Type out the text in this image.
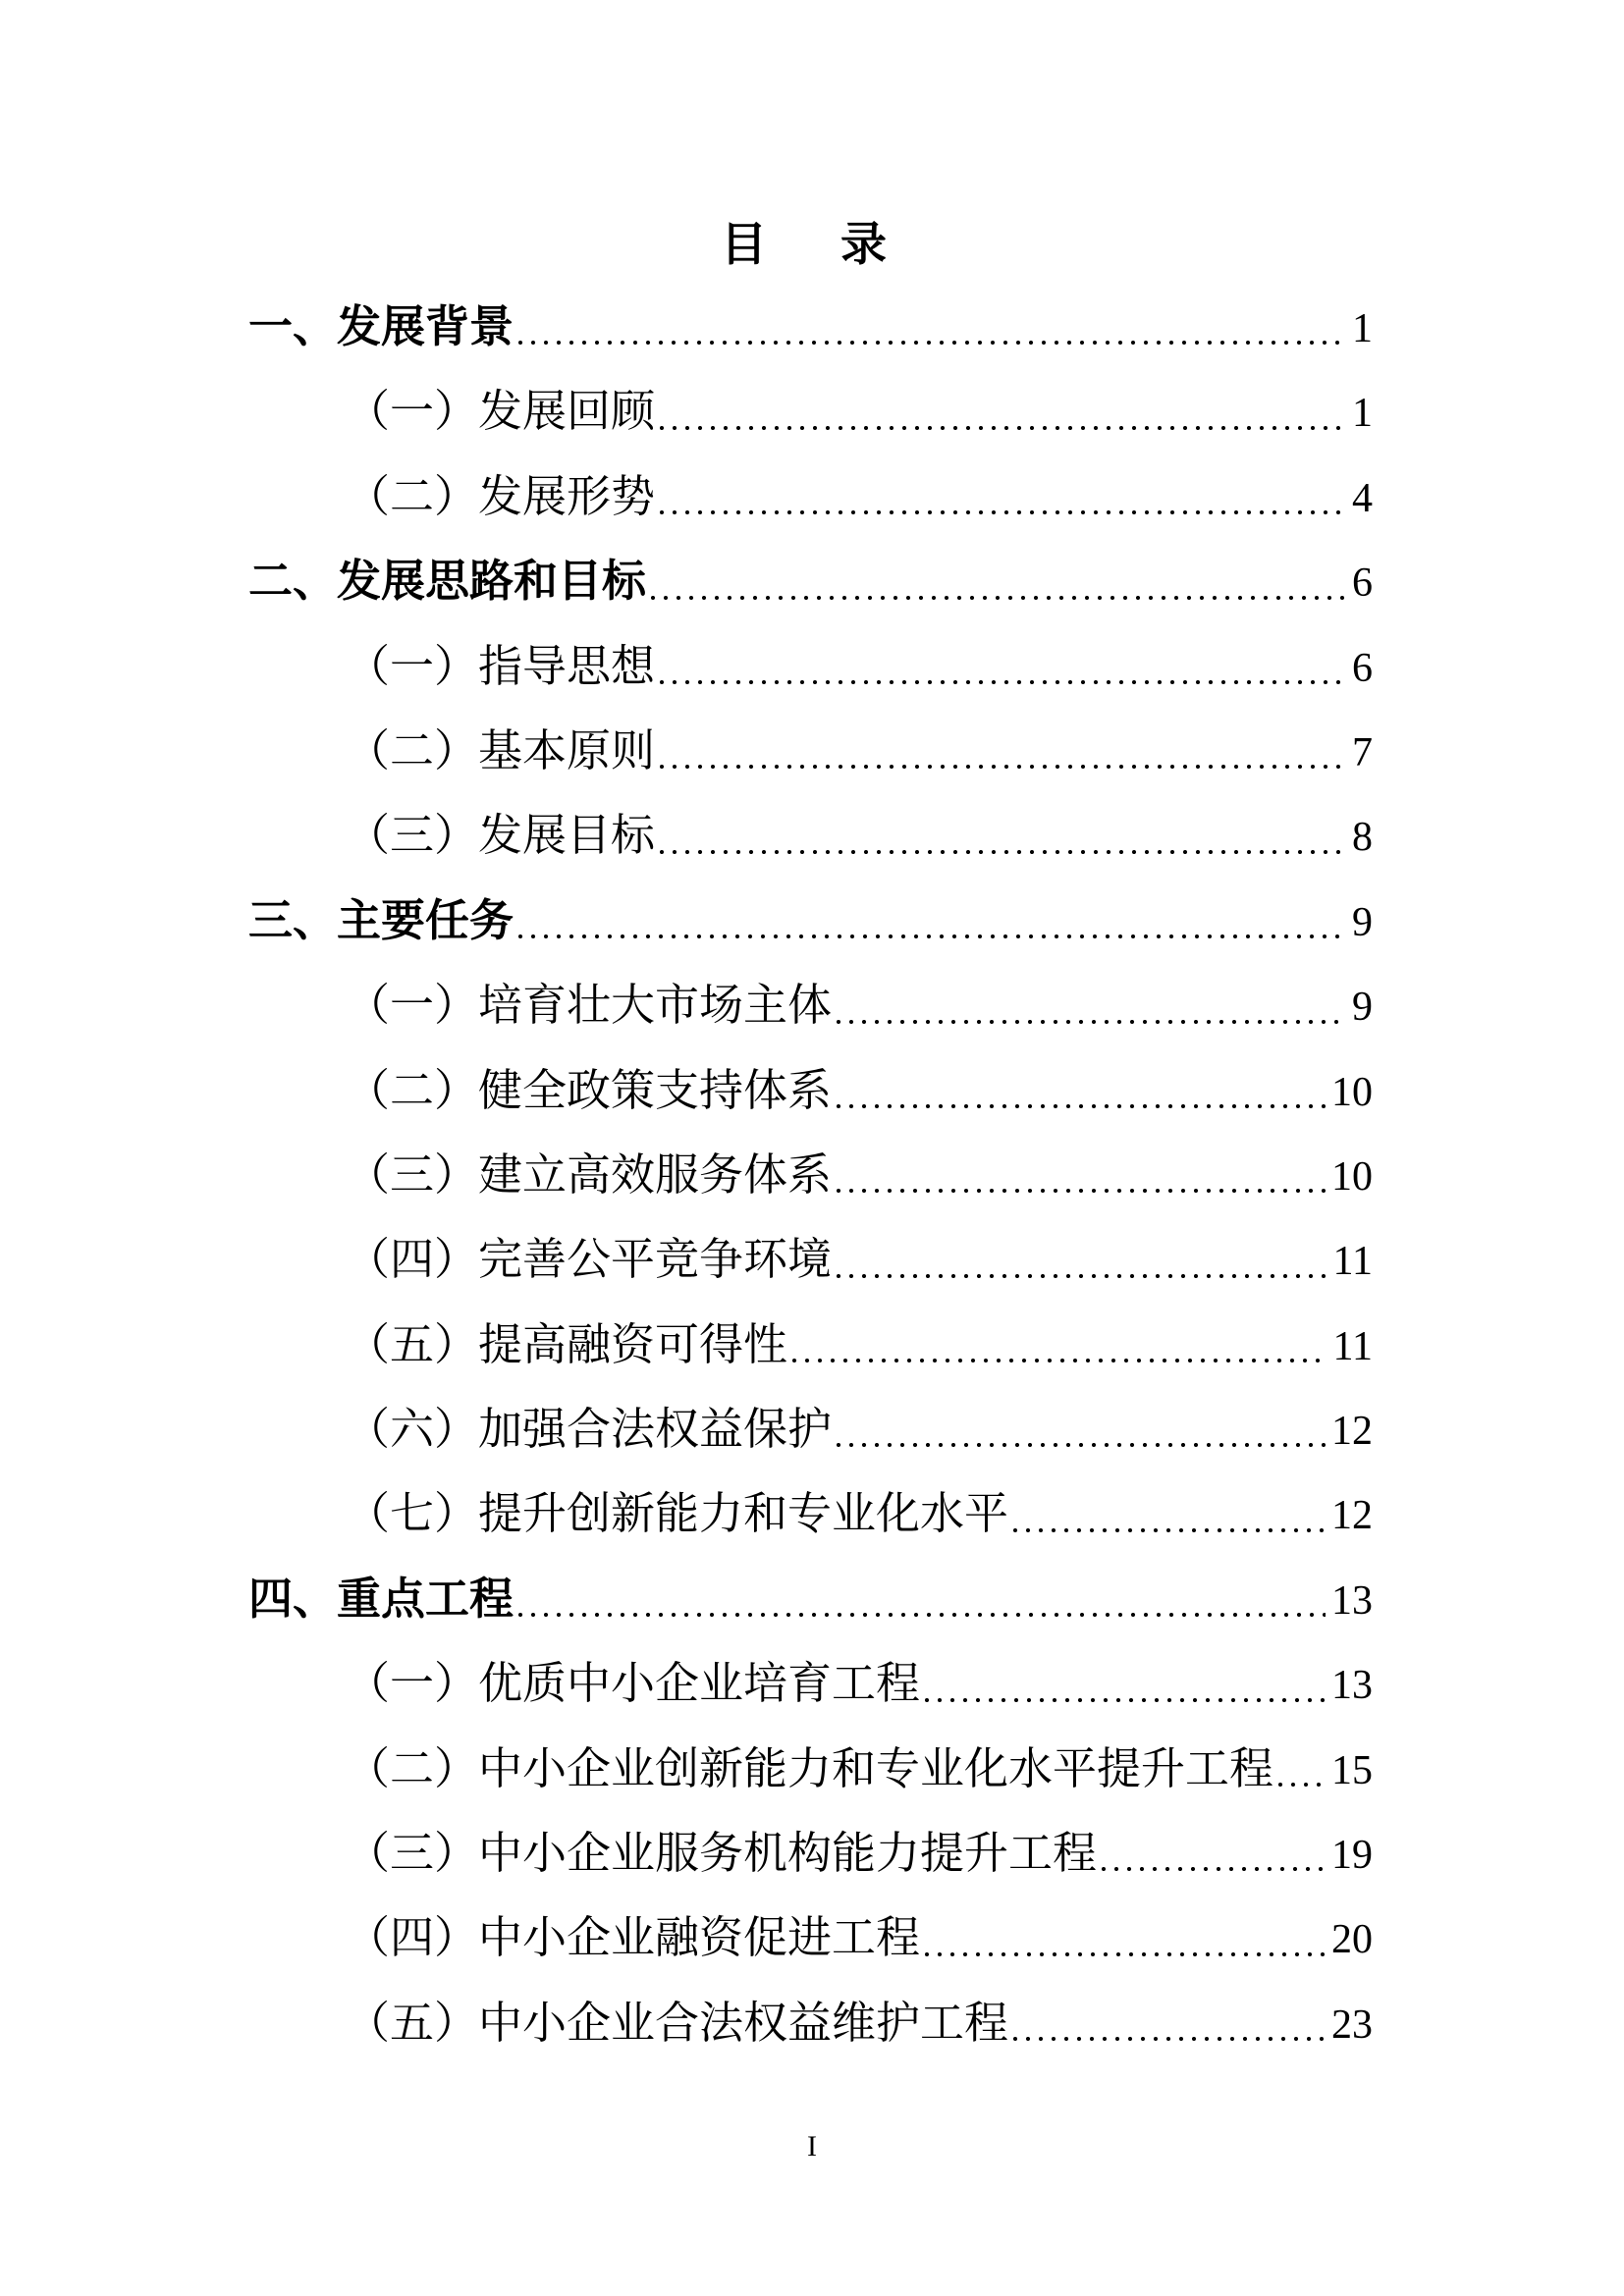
目　录
一、发展背景	1
（一）发展回顾	1
（二）发展形势	4
二、发展思路和目标	6
（一）指导思想	6
（二）基本原则	7
（三）发展目标	8
三、主要任务	9
（一）培育壮大市场主体	9
（二）健全政策支持体系	10
（三）建立高效服务体系	10
（四）完善公平竞争环境	11
（五）提高融资可得性	11
（六）加强合法权益保护	12
（七）提升创新能力和专业化水平	12
四、重点工程	13
（一）优质中小企业培育工程	13
（二）中小企业创新能力和专业化水平提升工程 15
（三）中小企业服务机构能力提升工程	19
（四）中小企业融资促进工程	20
（五）中小企业合法权益维护工程	23
I
